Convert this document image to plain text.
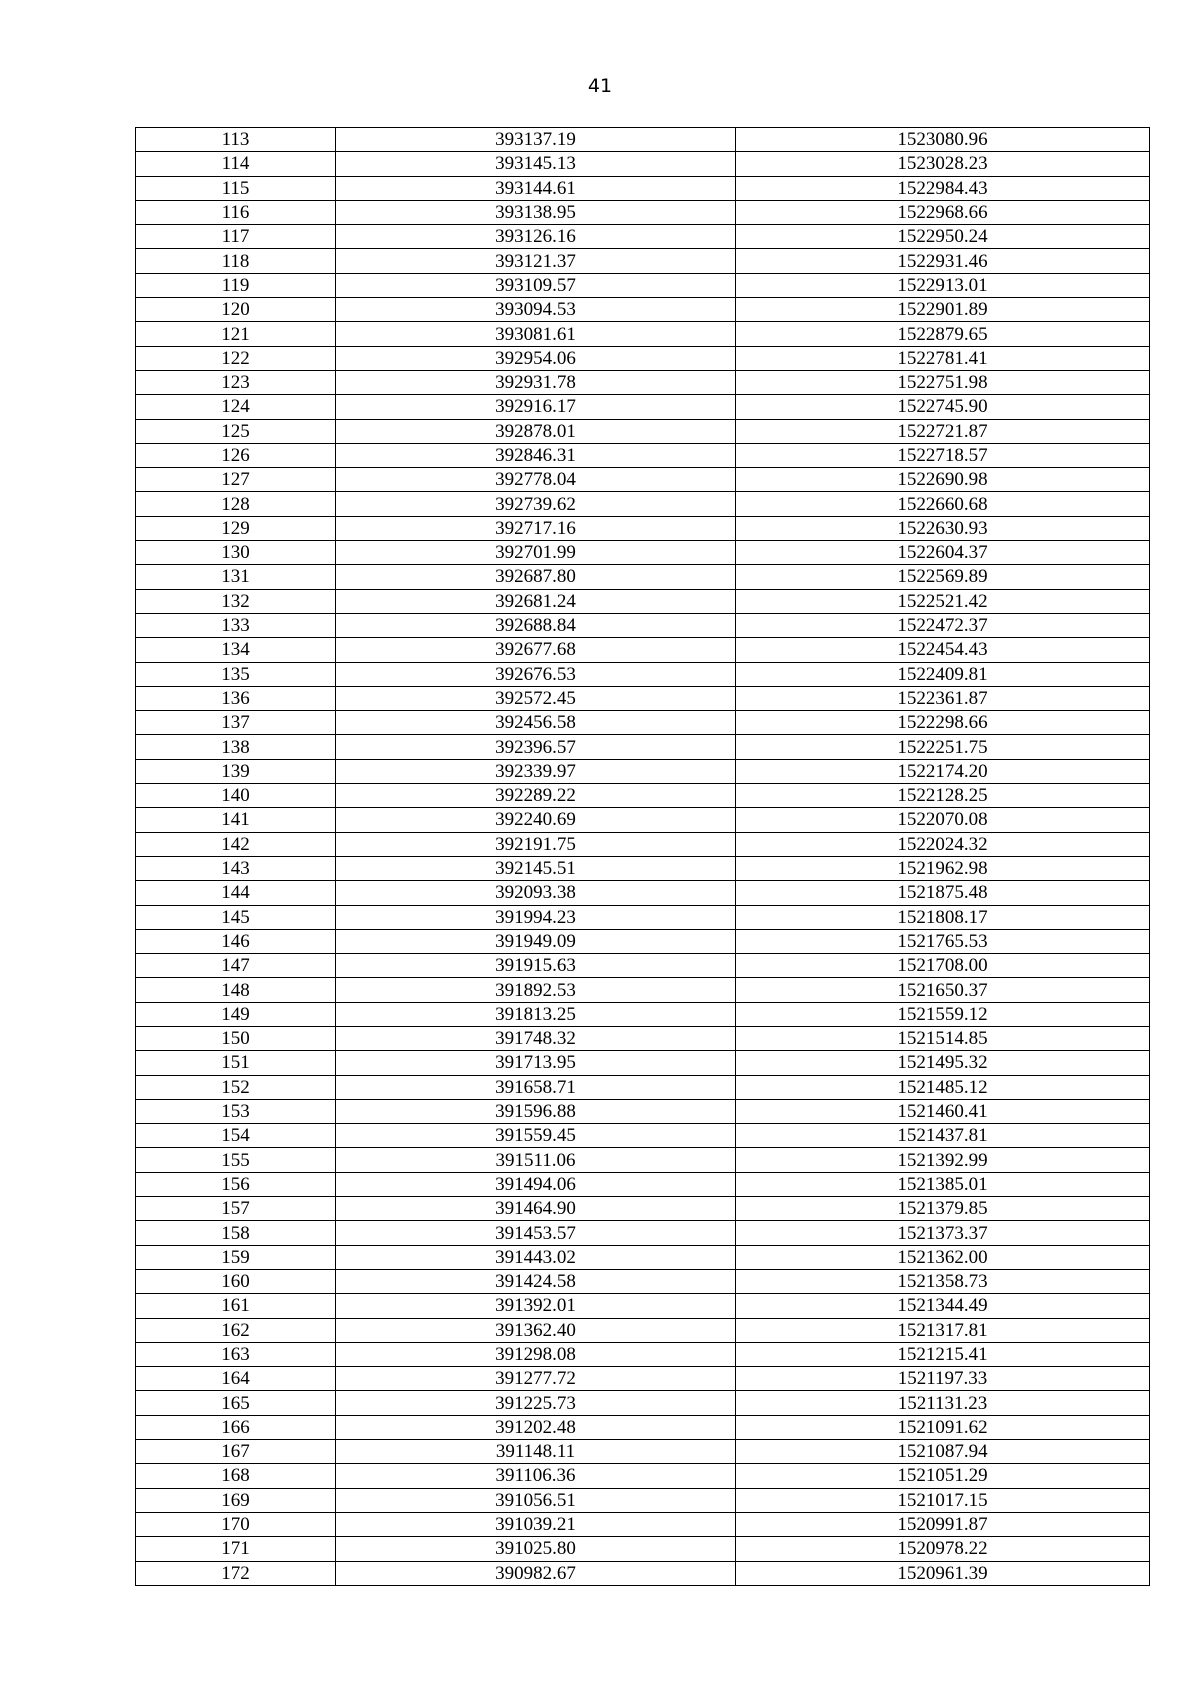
41
113	393137.19	1523080.96
114	393145.13	1523028.23
115	393144.61	1522984.43
116	393138.95	1522968.66
117	393126.16	1522950.24
118	393121.37	1522931.46
119	393109.57	1522913.01
120	393094.53	1522901.89
121	393081.61	1522879.65
122	392954.06	1522781.41
123	392931.78	1522751.98
124	392916.17	1522745.90
125	392878.01	1522721.87
126	392846.31	1522718.57
127	392778.04	1522690.98
128	392739.62	1522660.68
129	392717.16	1522630.93
130	392701.99	1522604.37
131	392687.80	1522569.89
132	392681.24	1522521.42
133	392688.84	1522472.37
134	392677.68	1522454.43
135	392676.53	1522409.81
136	392572.45	1522361.87
137	392456.58	1522298.66
138	392396.57	1522251.75
139	392339.97	1522174.20
140	392289.22	1522128.25
141	392240.69	1522070.08
142	392191.75	1522024.32
143	392145.51	1521962.98
144	392093.38	1521875.48
145	391994.23	1521808.17
146	391949.09	1521765.53
147	391915.63	1521708.00
148	391892.53	1521650.37
149	391813.25	1521559.12
150	391748.32	1521514.85
151	391713.95	1521495.32
152	391658.71	1521485.12
153	391596.88	1521460.41
154	391559.45	1521437.81
155	391511.06	1521392.99
156	391494.06	1521385.01
157	391464.90	1521379.85
158	391453.57	1521373.37
159	391443.02	1521362.00
160	391424.58	1521358.73
161	391392.01	1521344.49
162	391362.40	1521317.81
163	391298.08	1521215.41
164	391277.72	1521197.33
165	391225.73	1521131.23
166	391202.48	1521091.62
167	391148.11	1521087.94
168	391106.36	1521051.29
169	391056.51	1521017.15
170	391039.21	1520991.87
171	391025.80	1520978.22
172	390982.67	1520961.39
